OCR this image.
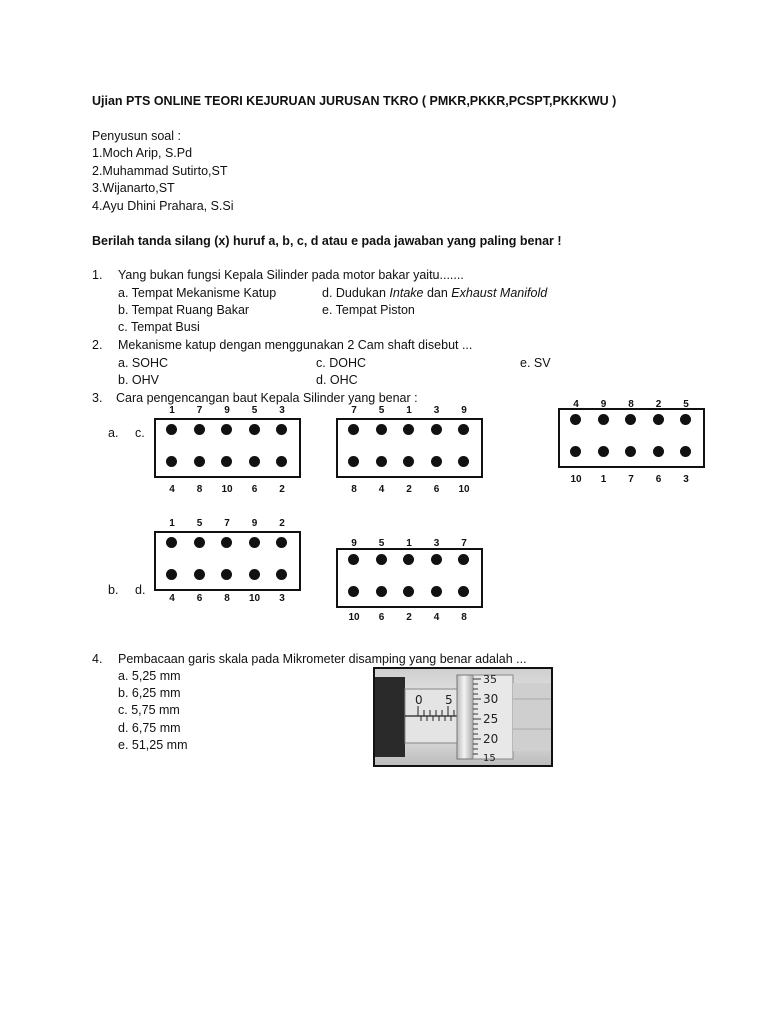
Ujian PTS ONLINE TEORI KEJURUAN JURUSAN TKRO ( PMKR,PKKR,PCSPT,PKKKWU )
Penyusun soal :
1.Moch Arip, S.Pd
2.Muhammad Sutirto,ST
3.Wijanarto,ST
4.Ayu Dhini Prahara, S.Si
Berilah tanda silang (x) huruf a, b, c, d atau e pada jawaban yang paling benar !
1. Yang bukan fungsi Kepala Silinder pada motor bakar yaitu.......
a. Tempat Mekanisme Katup
b. Tempat Ruang Bakar
c. Tempat Busi
d. Dudukan Intake dan Exhaust Manifold
e. Tempat Piston
2. Mekanisme katup dengan menggunakan 2 Cam shaft disebut ...
a. SOHC
b. OHV
c. DOHC
d. OHC
e. SV
3. Cara pengencangan baut Kepala Silinder yang benar :
a. c.
b. d.
1
4
7
8
9
10
5
6
3
2
7
8
5
4
1
2
3
6
9
10
4
10
9
1
8
7
2
6
5
3
1
4
5
6
7
8
9
10
2
3
9
10
5
6
1
2
3
4
7
8
4. Pembacaan garis skala pada Mikrometer disamping yang benar adalah ...
a. 5,25 mm
b. 6,25 mm
c. 5,75 mm
d. 6,75 mm
e. 51,25 mm
0 5
35
30
25
20
15
